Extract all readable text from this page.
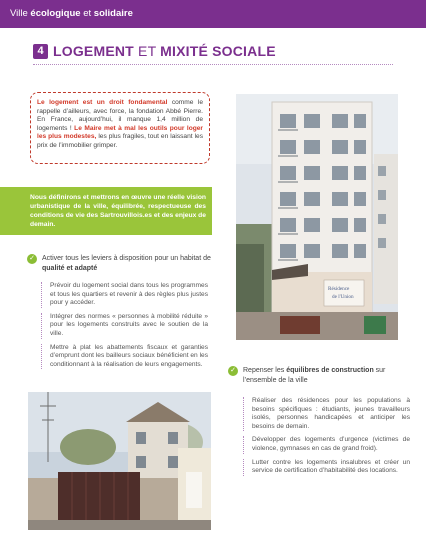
Ville écologique et solidaire
4 LOGEMENT ET MIXITÉ SOCIALE
Le logement est un droit fondamental comme le rappelle d’ailleurs, avec force, la fondation Abbé Pierre. En France, aujourd’hui, il manque 1,4 million de logements ! Le Maire met à mal les outils pour loger les plus modestes, les plus fragiles, tout en laissant les prix de l’immobilier grimper.
Nous définirons et mettrons en œuvre une réelle vision urbanistique de la ville, équilibrée, respectueuse des conditions de vie des Sartrouvillois.es et des enjeux de demain.
✓ Activer tous les leviers à disposition pour un habitat de qualité et adapté
Prévoir du logement social dans tous les programmes et tous les quartiers et revenir à des règles plus justes pour y accéder.
Intégrer des normes « personnes à mobilité réduite » pour les logements construits avec le soutien de la ville.
Mettre à plat les abattements fiscaux et garanties d’emprunt dont les bailleurs sociaux bénéficient en les conditionnant à la réalisation de leurs engagements.
✓ Repenser les équilibres de construction sur l’ensemble de la ville
Réaliser des résidences pour les populations à besoins spécifiques : étudiants, jeunes travailleurs isolés, personnes handicapées et anticiper les besoins de demain.
Développer des logements d’urgence (victimes de violence, gymnases en cas de grand froid).
Lutter contre les logements insalubres et créer un service de certification d’habitabilité des locations.
Résidence
de l'Union
